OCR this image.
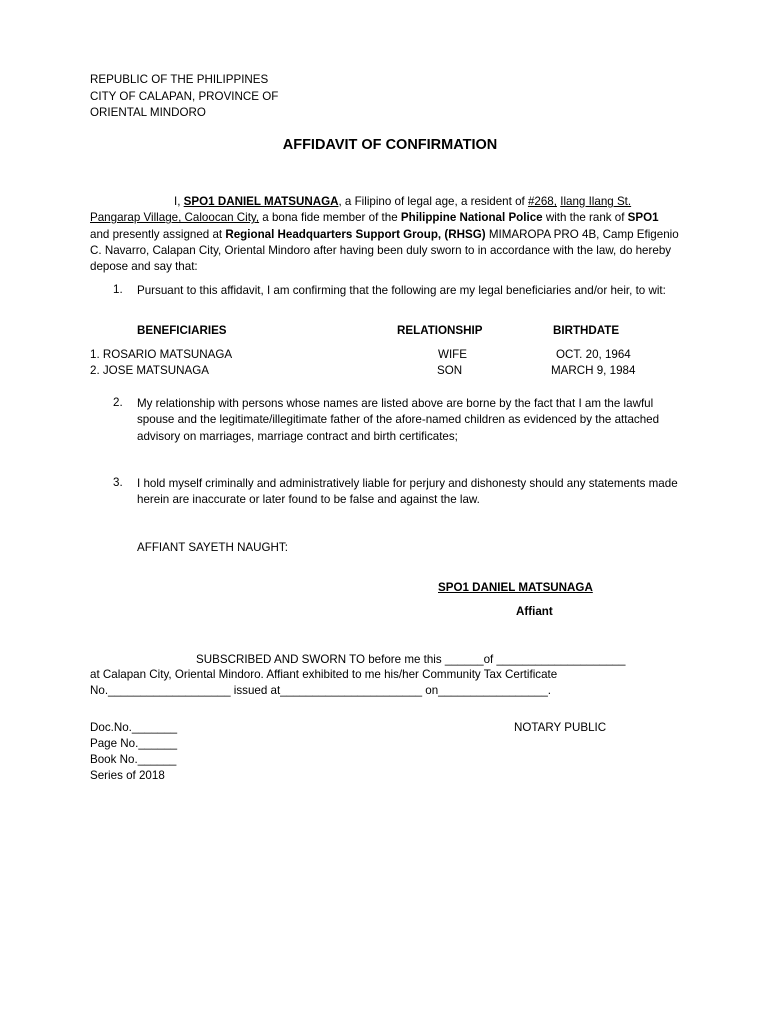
REPUBLIC OF THE PHILIPPINES
CITY OF CALAPAN, PROVINCE OF
ORIENTAL MINDORO
AFFIDAVIT OF CONFIRMATION
I, SPO1 DANIEL MATSUNAGA, a Filipino of legal age, a resident of #268, Ilang Ilang St. Pangarap Village, Caloocan City, a bona fide member of the Philippine National Police with the rank of SPO1 and presently assigned at Regional Headquarters Support Group, (RHSG) MIMAROPA PRO 4B, Camp Efigenio C. Navarro, Calapan City, Oriental Mindoro after having been duly sworn to in accordance with the law, do hereby depose and say that:
1. Pursuant to this affidavit, I am confirming that the following are my legal beneficiaries and/or heir, to wit:
BENEFICIARIES	RELATIONSHIP	BIRTHDATE
1. ROSARIO MATSUNAGA	WIFE	OCT. 20, 1964
2. JOSE MATSUNAGA	SON	MARCH 9, 1984
2. My relationship with persons whose names are listed above are borne by the fact that I am the lawful spouse and the legitimate/illegitimate father of the afore-named children as evidenced by the attached advisory on marriages, marriage contract and birth certificates;
3. I hold myself criminally and administratively liable for perjury and dishonesty should any statements made herein are inaccurate or later found to be false and against the law.
AFFIANT SAYETH NAUGHT:
SPO1 DANIEL MATSUNAGA
Affiant
SUBSCRIBED AND SWORN TO before me this ______of ____________________
at Calapan City, Oriental Mindoro. Affiant exhibited to me his/her Community Tax Certificate
No.___________________ issued at______________________ on_________________.
Doc.No._______
Page No.______
Book No.______
Series of 2018
NOTARY PUBLIC
